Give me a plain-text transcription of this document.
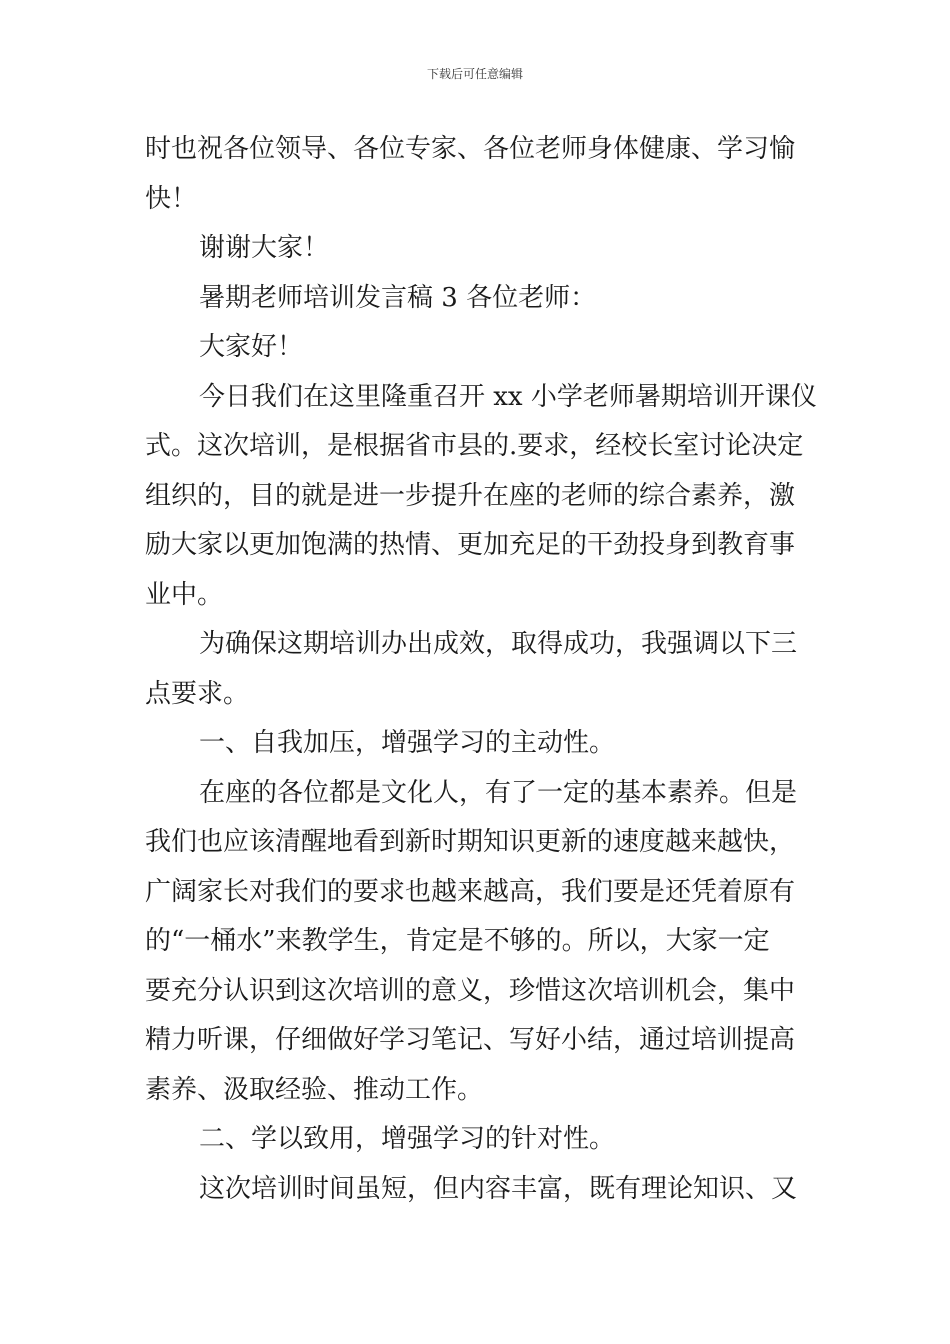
下载后可任意编辑

时也祝各位领导、各位专家、各位老师身体健康、学习愉
快！

谢谢大家！

暑期老师培训发言稿 3 各位老师：

大家好！

今日我们在这里隆重召开 xx 小学老师暑期培训开课仪
式。这次培训，是根据省市县的.要求，经校长室讨论决定
组织的，目的就是进一步提升在座的老师的综合素养，激
励大家以更加饱满的热情、更加充足的干劲投身到教育事
业中。

为确保这期培训办出成效，取得成功，我强调以下三
点要求。

一、自我加压，增强学习的主动性。

在座的各位都是文化人，有了一定的基本素养。但是
我们也应该清醒地看到新时期知识更新的速度越来越快，
广阔家长对我们的要求也越来越高，我们要是还凭着原有
的“一桶水”来教学生，肯定是不够的。所以，大家一定
要充分认识到这次培训的意义，珍惜这次培训机会，集中
精力听课，仔细做好学习笔记、写好小结，通过培训提高
素养、汲取经验、推动工作。

二、学以致用，增强学习的针对性。

这次培训时间虽短，但内容丰富，既有理论知识、又
